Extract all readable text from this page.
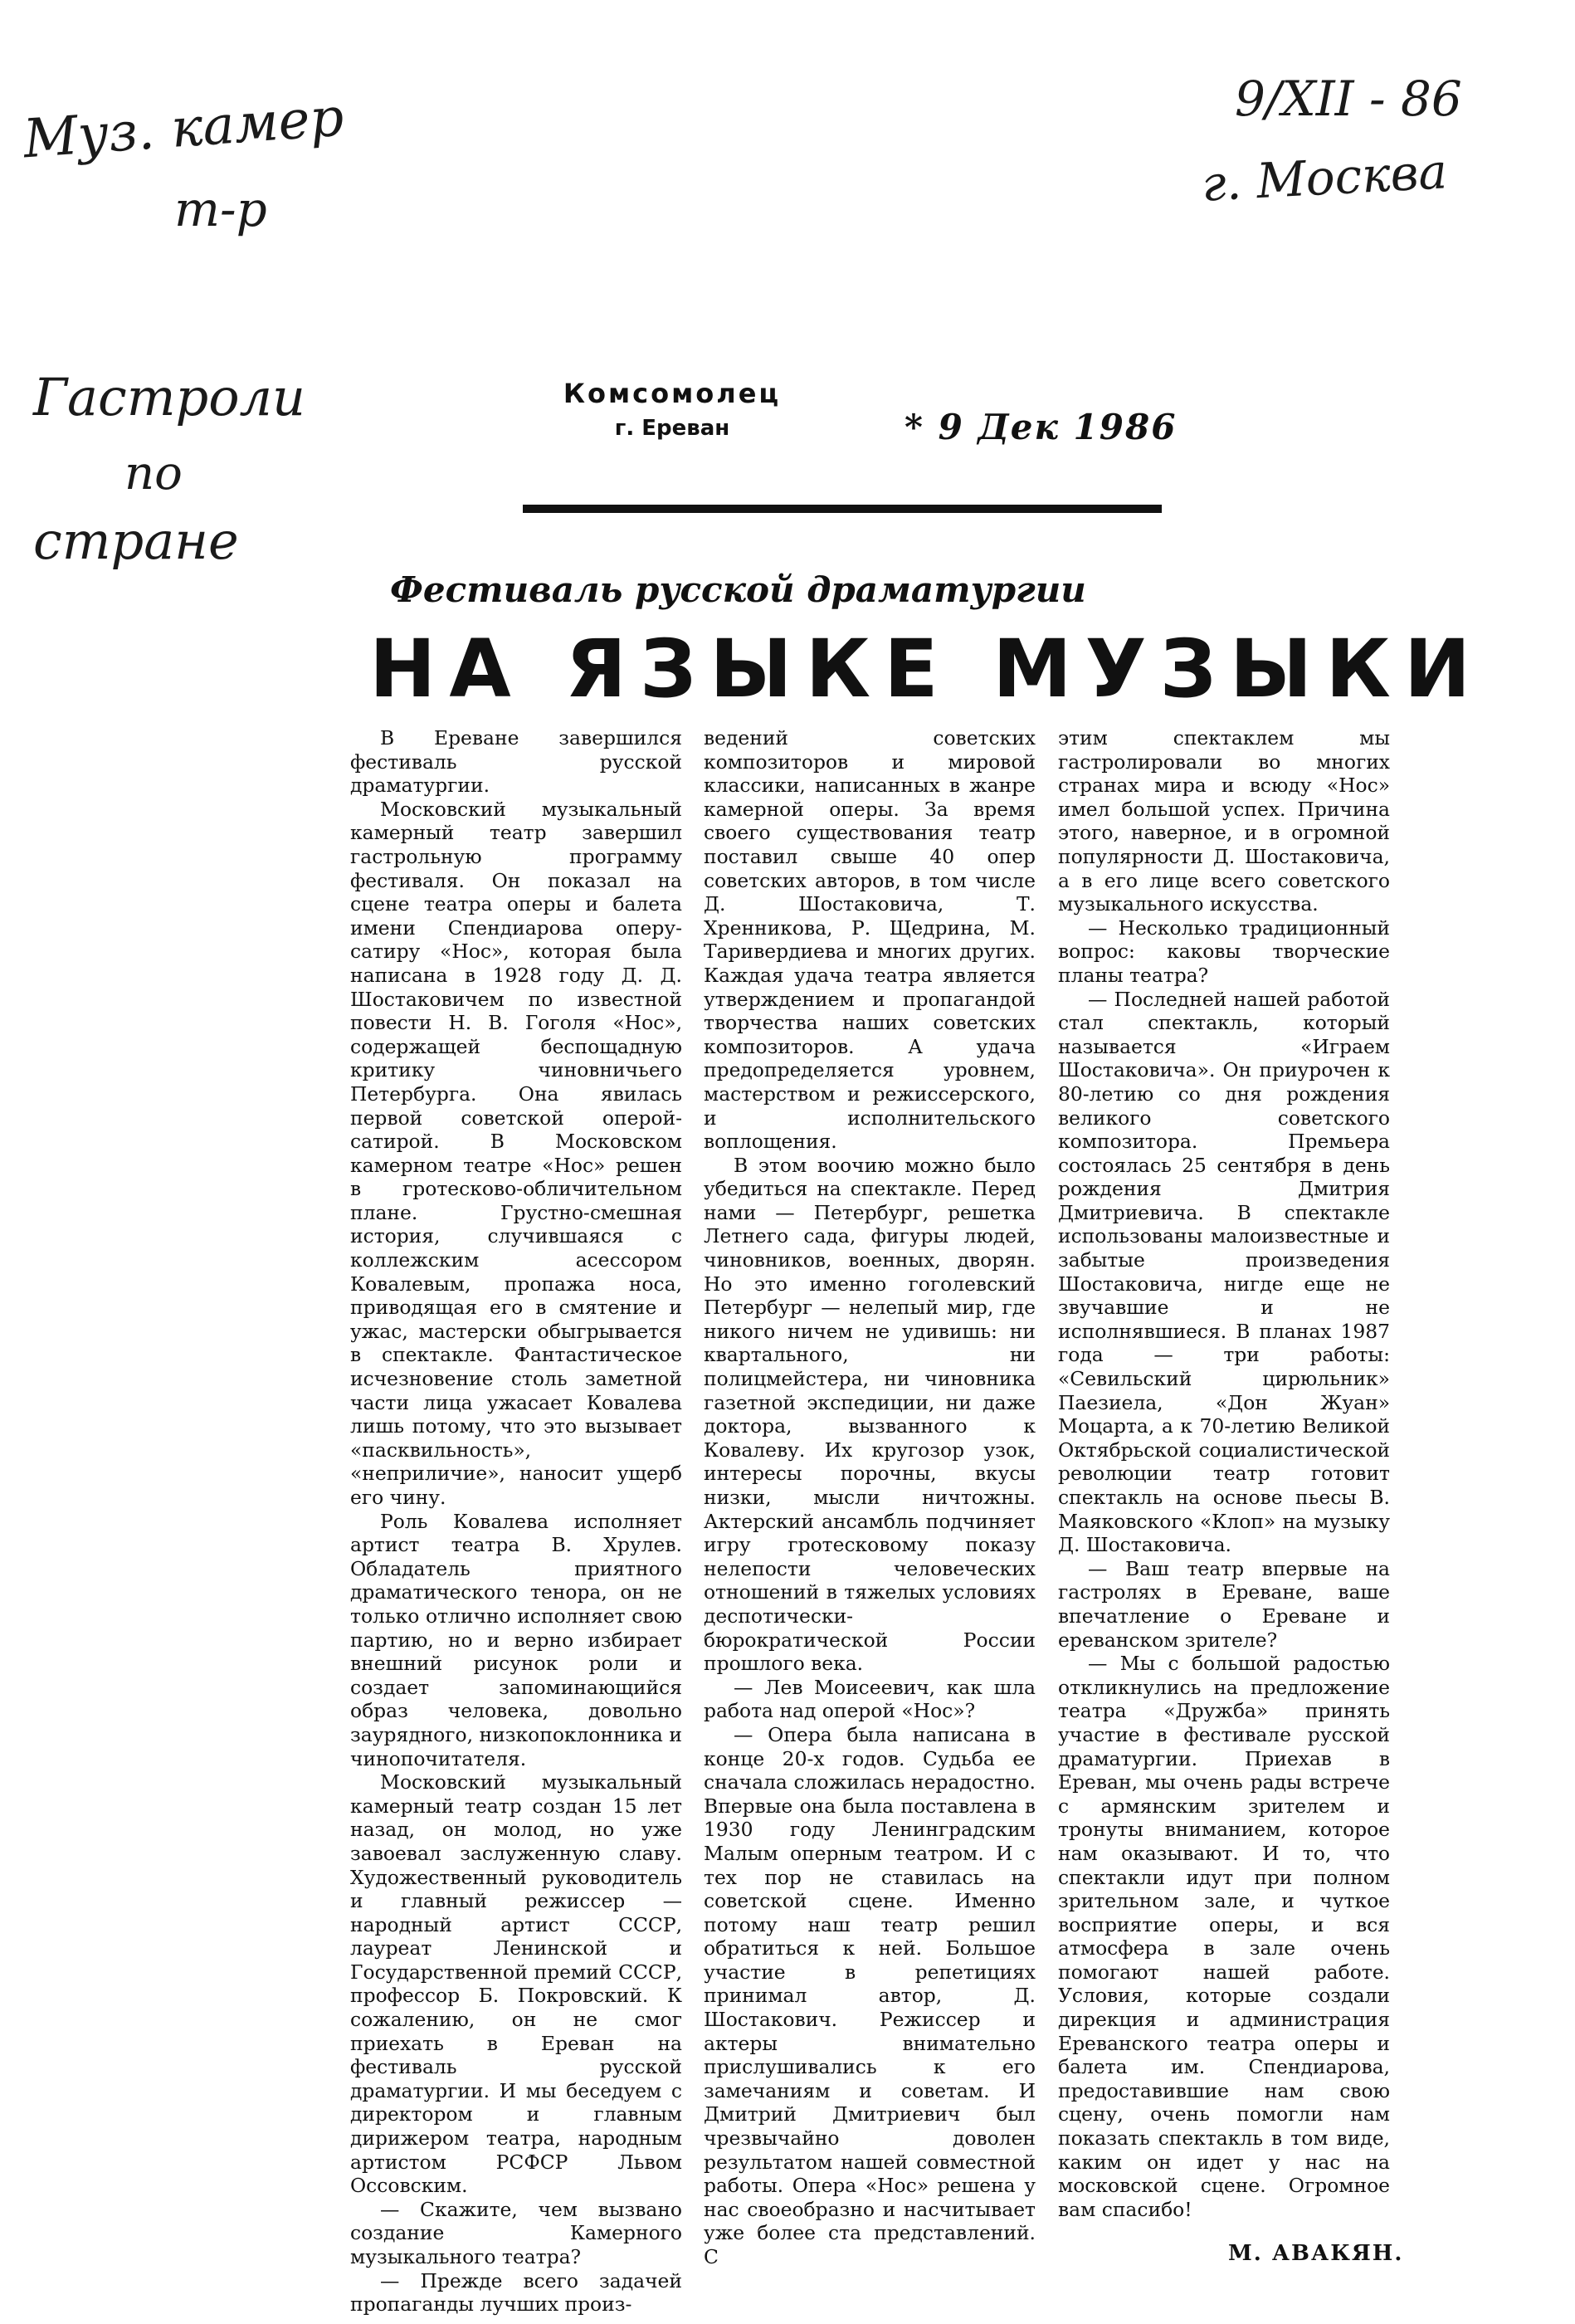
Муз. камер
т-р
9/XII - 86
г. Москва
Гастроли
по
стране
Комсомолец
г. Ереван	* 9 Дек 1986
Фестиваль русской драматургии
НА ЯЗЫКЕ МУЗЫКИ

В Ереване завершился фестиваль русской драматургии.

Московский музыкальный камерный театр завершил гастрольную программу фестиваля. Он показал на сцене театра оперы и балета имени Спендиарова оперу-сатиру «Нос», которая была написана в 1928 году Д. Д. Шостаковичем по известной повести Н. В. Гоголя «Нос», содержащей беспощадную критику чиновничьего Петербурга. Она явилась первой советской оперой-сатирой. В Московском камерном театре «Нос» решен в гротесково-обличительном плане. Грустно-смешная история, случившаяся с коллежским асессором Ковалевым, пропажа носа, приводящая его в смятение и ужас, мастерски обыгрывается в спектакле. Фантастическое исчезновение столь заметной части лица ужасает Ковалева лишь потому, что это вызывает «пасквильность», «неприличие», наносит ущерб его чину.

Роль Ковалева исполняет артист театра В. Хрулев. Обладатель приятного драматического тенора, он не только отлично исполняет свою партию, но и верно избирает внешний рисунок роли и создает запоминающийся образ человека, довольно заурядного, низкопоклонника и чинопочитателя.

Московский музыкальный камерный театр создан 15 лет назад, он молод, но уже завоевал заслуженную славу. Художественный руководитель и главный режиссер — народный артист СССР, лауреат Ленинской и Государственной премий СССР, профессор Б. Покровский. К сожалению, он не смог приехать в Ереван на фестиваль русской драматургии. И мы беседуем с директором и главным дирижером театра, народным артистом РСФСР Львом Оссовским.

— Скажите, чем вызвано создание Камерного музыкального театра?

— Прежде всего задачей пропаганды лучших произ-

ведений советских композиторов и мировой классики, написанных в жанре камерной оперы. За время своего существования театр поставил свыше 40 опер советских авторов, в том числе Д. Шостаковича, Т. Хренникова, Р. Щедрина, М. Таривердиева и многих других. Каждая удача театра является утверждением и пропагандой творчества наших советских композиторов. А удача предопределяется уровнем, мастерством и режиссерского, и исполнительского воплощения.

В этом воочию можно было убедиться на спектакле. Перед нами — Петербург, решетка Летнего сада, фигуры людей, чиновников, военных, дворян. Но это именно гоголевский Петербург — нелепый мир, где никого ничем не удивишь: ни квартального, ни полицмейстера, ни чиновника газетной экспедиции, ни даже доктора, вызванного к Ковалеву. Их кругозор узок, интересы порочны, вкусы низки, мысли ничтожны. Актерский ансамбль подчиняет игру гротесковому показу нелепости человеческих отношений в тяжелых условиях деспотически-бюрократической России прошлого века.

— Лев Моисеевич, как шла работа над оперой «Нос»?

— Опера была написана в конце 20-х годов. Судьба ее сначала сложилась нерадостно. Впервые она была поставлена в 1930 году Ленинградским Малым оперным театром. И с тех пор не ставилась на советской сцене. Именно потому наш театр решил обратиться к ней. Большое участие в репетициях принимал автор, Д. Шостакович. Режиссер и актеры внимательно прислушивались к его замечаниям и советам. И Дмитрий Дмитриевич был чрезвычайно доволен результатом нашей совместной работы. Опера «Нос» решена у нас своеобразно и насчитывает уже более ста представлений. С

этим спектаклем мы гастролировали во многих странах мира и всюду «Нос» имел большой успех. Причина этого, наверное, и в огромной популярности Д. Шостаковича, а в его лице всего советского музыкального искусства.

— Несколько традиционный вопрос: каковы творческие планы театра?

— Последней нашей работой стал спектакль, который называется «Играем Шостаковича». Он приурочен к 80-летию со дня рождения великого советского композитора. Премьера состоялась 25 сентября в день рождения Дмитрия Дмитриевича. В спектакле использованы малоизвестные и забытые произведения Шостаковича, нигде еще не звучавшие и не исполнявшиеся. В планах 1987 года — три работы: «Севильский цирюльник» Паезиела, «Дон Жуан» Моцарта, а к 70-летию Великой Октябрьской социалистической революции театр готовит спектакль на основе пьесы В. Маяковского «Клоп» на музыку Д. Шостаковича.

— Ваш театр впервые на гастролях в Ереване, ваше впечатление о Ереване и ереванском зрителе?

— Мы с большой радостью откликнулись на предложение театра «Дружба» принять участие в фестивале русской драматургии. Приехав в Ереван, мы очень рады встрече с армянским зрителем и тронуты вниманием, которое нам оказывают. И то, что спектакли идут при полном зрительном зале, и чуткое восприятие оперы, и вся атмосфера в зале очень помогают нашей работе. Условия, которые создали дирекция и администрация Ереванского театра оперы и балета им. Спендиарова, предоставившие нам свою сцену, очень помогли нам показать спектакль в том виде, каким он идет у нас на московской сцене. Огромное вам спасибо!

М. АВАКЯН.
